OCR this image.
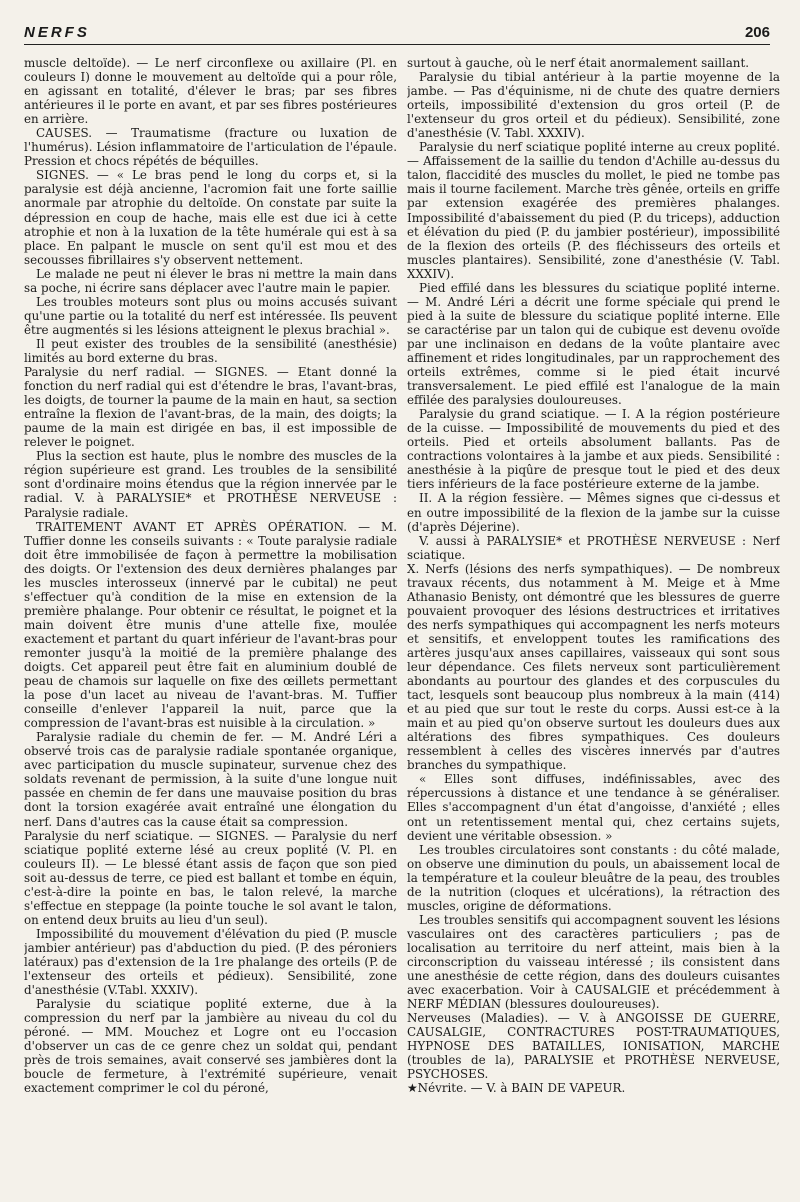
NERFS	206

muscle deltoïde). — Le nerf circonflexe ou axillaire (Pl. en couleurs I) donne le mouvement au deltoïde qui a pour rôle, en agissant en totalité, d'élever le bras; par ses fibres antérieures il le porte en avant, et par ses fibres postérieures en arrière.

CAUSES. — Traumatisme (fracture ou luxation de l'humérus). Lésion inflammatoire de l'articulation de l'épaule. Pression et chocs répétés de béquilles.

SIGNES. — « Le bras pend le long du corps et, si la paralysie est déjà ancienne, l'acromion fait une forte saillie anormale par atrophie du deltoïde. On constate par suite la dépression en coup de hache, mais elle est due ici à cette atrophie et non à la luxation de la tête humérale qui est à sa place. En palpant le muscle on sent qu'il est mou et des secousses fibrillaires s'y observent nettement.

Le malade ne peut ni élever le bras ni mettre la main dans sa poche, ni écrire sans déplacer avec l'autre main le papier.

Les troubles moteurs sont plus ou moins accusés suivant qu'une partie ou la totalité du nerf est intéressée. Ils peuvent être augmentés si les lésions atteignent le plexus brachial ».

Il peut exister des troubles de la sensibilité (anesthésie) limités au bord externe du bras.

Paralysie du nerf radial. — SIGNES. — Etant donné la fonction du nerf radial qui est d'étendre le bras, l'avant-bras, les doigts, de tourner la paume de la main en haut, sa section entraîne la flexion de l'avant-bras, de la main, des doigts; la paume de la main est dirigée en bas, il est impossible de relever le poignet.

Plus la section est haute, plus le nombre des muscles de la région supérieure est grand. Les troubles de la sensibilité sont d'ordinaire moins étendus que la région innervée par le radial. V. à PARALYSIE* et PROTHÈSE NERVEUSE : Paralysie radiale.

TRAITEMENT AVANT ET APRÈS OPÉRATION. — M. Tuffier donne les conseils suivants : « Toute paralysie radiale doit être immobilisée de façon à permettre la mobilisation des doigts. Or l'extension des deux dernières phalanges par les muscles interosseux (innervé par le cubital) ne peut s'effectuer qu'à condition de la mise en extension de la première phalange. Pour obtenir ce résultat, le poignet et la main doivent être munis d'une attelle fixe, moulée exactement et partant du quart inférieur de l'avant-bras pour remonter jusqu'à la moitié de la première phalange des doigts. Cet appareil peut être fait en aluminium doublé de peau de chamois sur laquelle on fixe des œillets permettant la pose d'un lacet au niveau de l'avant-bras. M. Tuffier conseille d'enlever l'appareil la nuit, parce que la compression de l'avant-bras est nuisible à la circulation. »

Paralysie radiale du chemin de fer. — M. André Léri a observé trois cas de paralysie radiale spontanée organique, avec participation du muscle supinateur, survenue chez des soldats revenant de permission, à la suite d'une longue nuit passée en chemin de fer dans une mauvaise position du bras dont la torsion exagérée avait entraîné une élongation du nerf. Dans d'autres cas la cause était sa compression.

Paralysie du nerf sciatique. — SIGNES. — Paralysie du nerf sciatique poplité externe lésé au creux poplité (V. Pl. en couleurs II). — Le blessé étant assis de façon que son pied soit au-dessus de terre, ce pied est ballant et tombe en équin, c'est-à-dire la pointe en bas, le talon relevé, la marche s'effectue en steppage (la pointe touche le sol avant le talon, on entend deux bruits au lieu d'un seul).

Impossibilité du mouvement d'élévation du pied (P. muscle jambier antérieur) pas d'abduction du pied. (P. des péroniers latéraux) pas d'extension de la 1re phalange des orteils (P. de l'extenseur des orteils et pédieux). Sensibilité, zone d'anesthésie (V.Tabl. XXXIV).

Paralysie du sciatique poplité externe, due à la compression du nerf par la jambière au niveau du col du péroné. — MM. Mouchez et Logre ont eu l'occasion d'observer un cas de ce genre chez un soldat qui, pendant près de trois semaines, avait conservé ses jambières dont la boucle de fermeture, à l'extrémité supérieure, venait exactement comprimer le col du péroné,

surtout à gauche, où le nerf était anormalement saillant.

Paralysie du tibial antérieur à la partie moyenne de la jambe. — Pas d'équinisme, ni de chute des quatre derniers orteils, impossibilité d'extension du gros orteil (P. de l'extenseur du gros orteil et du pédieux). Sensibilité, zone d'anesthésie (V. Tabl. XXXIV).

Paralysie du nerf sciatique poplité interne au creux poplité. — Affaissement de la saillie du tendon d'Achille au-dessus du talon, flaccidité des muscles du mollet, le pied ne tombe pas mais il tourne facilement. Marche très gênée, orteils en griffe par extension exagérée des premières phalanges. Impossibilité d'abaissement du pied (P. du triceps), adduction et élévation du pied (P. du jambier postérieur), impossibilité de la flexion des orteils (P. des fléchisseurs des orteils et muscles plantaires). Sensibilité, zone d'anesthésie (V. Tabl. XXXIV).

Pied effilé dans les blessures du sciatique poplité interne. — M. André Léri a décrit une forme spéciale qui prend le pied à la suite de blessure du sciatique poplité interne. Elle se caractérise par un talon qui de cubique est devenu ovoïde par une inclinaison en dedans de la voûte plantaire avec affinement et rides longitudinales, par un rapprochement des orteils extrêmes, comme si le pied était incurvé transversalement. Le pied effilé est l'analogue de la main effilée des paralysies douloureuses.

Paralysie du grand sciatique. — I. A la région postérieure de la cuisse. — Impossibilité de mouvements du pied et des orteils. Pied et orteils absolument ballants. Pas de contractions volontaires à la jambe et aux pieds. Sensibilité : anesthésie à la piqûre de presque tout le pied et des deux tiers inférieurs de la face postérieure externe de la jambe.

II. A la région fessière. — Mêmes signes que ci-dessus et en outre impossibilité de la flexion de la jambe sur la cuisse (d'après Déjerine).

V. aussi à PARALYSIE* et PROTHÈSE NERVEUSE : Nerf sciatique.

X. Nerfs (lésions des nerfs sympathiques). — De nombreux travaux récents, dus notamment à M. Meige et à Mme Athanasio Benisty, ont démontré que les blessures de guerre pouvaient provoquer des lésions destructrices et irritatives des nerfs sympathiques qui accompagnent les nerfs moteurs et sensitifs, et enveloppent toutes les ramifications des artères jusqu'aux anses capillaires, vaisseaux qui sont sous leur dépendance. Ces filets nerveux sont particulièrement abondants au pourtour des glandes et des corpuscules du tact, lesquels sont beaucoup plus nombreux à la main (414) et au pied que sur tout le reste du corps. Aussi est-ce à la main et au pied qu'on observe surtout les douleurs dues aux altérations des fibres sympathiques. Ces douleurs ressemblent à celles des viscères innervés par d'autres branches du sympathique.

« Elles sont diffuses, indéfinissables, avec des répercussions à distance et une tendance à se généraliser. Elles s'accompagnent d'un état d'angoisse, d'anxiété ; elles ont un retentissement mental qui, chez certains sujets, devient une véritable obsession. »

Les troubles circulatoires sont constants : du côté malade, on observe une diminution du pouls, un abaissement local de la température et la couleur bleuâtre de la peau, des troubles de la nutrition (cloques et ulcérations), la rétraction des muscles, origine de déformations.

Les troubles sensitifs qui accompagnent souvent les lésions vasculaires ont des caractères particuliers ; pas de localisation au territoire du nerf atteint, mais bien à la circonscription du vaisseau intéressé ; ils consistent dans une anesthésie de cette région, dans des douleurs cuisantes avec exacerbation. Voir à CAUSALGIE et précédemment à NERF MÉDIAN (blessures douloureuses).

Nerveuses (Maladies). — V. à ANGOISSE DE GUERRE, CAUSALGIE, CONTRACTURES POST-TRAUMATIQUES, HYPNOSE DES BATAILLES, IONISATION, MARCHE (troubles de la), PARALYSIE et PROTHÈSE NERVEUSE, PSYCHOSES.

★Névrite. — V. à BAIN DE VAPEUR.
